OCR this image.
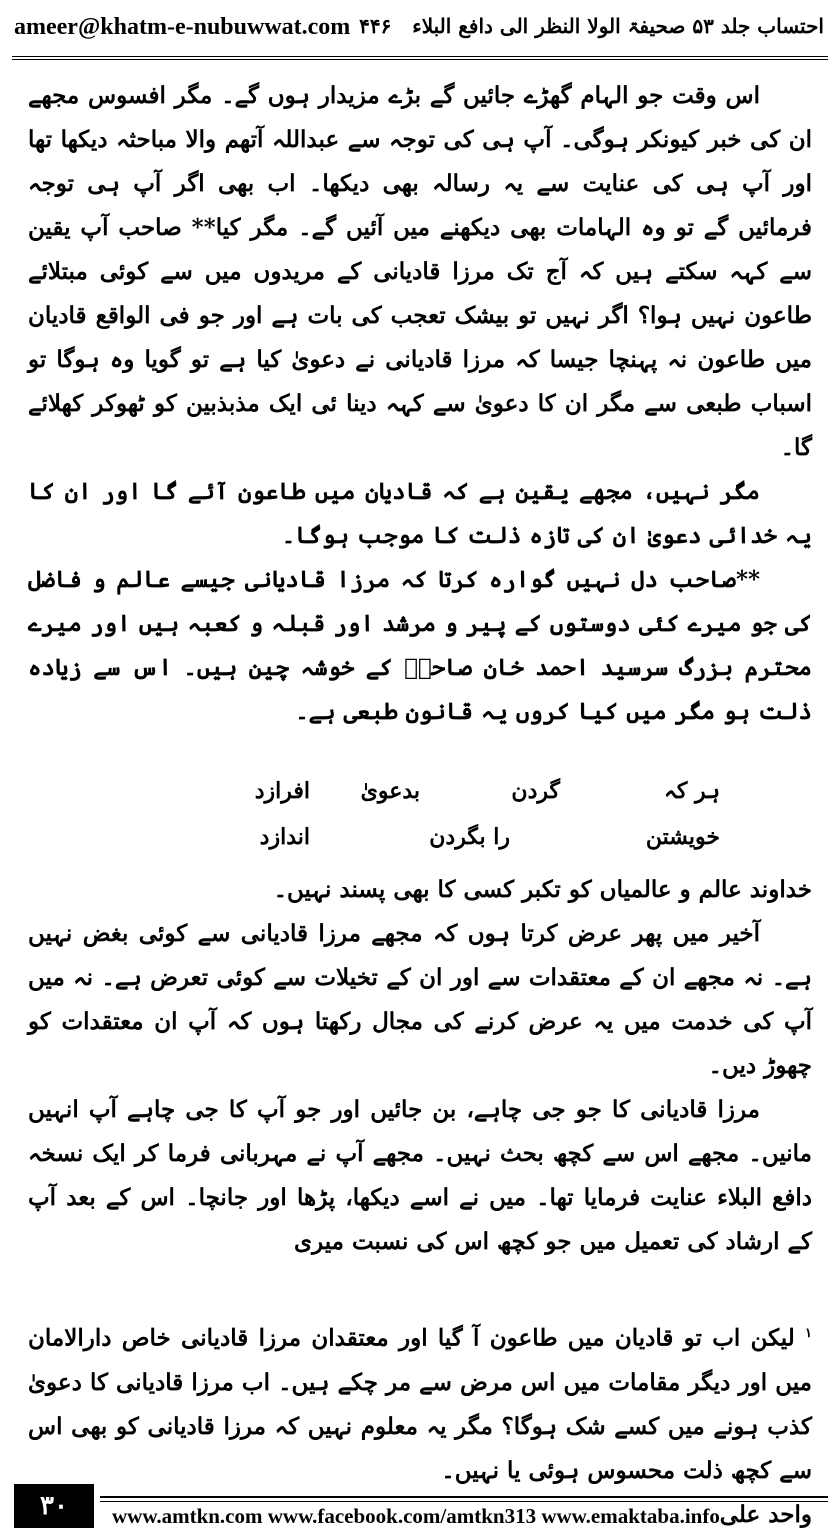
ameer@khatm-e-nubuwwat.com	احتساب جلد ۵۳ صحیفۃ الولا النظر الی دافع البلاء   ۴۴۶

اس وقت جو الہام گھڑے جائیں گے بڑے مزیدار ہوں گے۔ مگر افسوس مجھے ان کی خبر کیونکر ہوگی۔ آپ ہی کی توجہ سے عبداللہ آتھم والا مباحثہ دیکھا تھا اور آپ ہی کی عنایت سے یہ رسالہ بھی دیکھا۔ اب بھی اگر آپ ہی توجہ فرمائیں گے تو وہ الہامات بھی دیکھنے میں آئیں گے۔ مگر کیا** صاحب آپ یقین سے کہہ سکتے ہیں کہ آج تک مرزا قادیانی کے مریدوں میں سے کوئی مبتلائے طاعون نہیں ہوا؟ اگر نہیں تو بیشک تعجب کی بات ہے اور جو فی الواقع قادیان میں طاعون نہ پہنچا جیسا کہ مرزا قادیانی نے دعویٰ کیا ہے تو گویا وہ ہوگا تو اسباب طبعی سے مگر ان کا دعویٰ سے کہہ دینا ئی ایک مذبذبین کو ٹھوکر کھلائے گا۔

مگر نہیں، مجھے یقین ہے کہ قادیان میں طاعون آئے گا اور ان کا یہ خدائی دعویٰ ان کی تازہ ذلت کا موجب ہوگا۔

**صاحب دل نہیں گوارہ کرتا کہ مرزا قادیانی جیسے عالم و فاضل کی جو میرے کئی دوستوں کے پیر و مرشد اور قبلہ و کعبہ ہیں اور میرے محترم بزرگ سرسید احمد خان صاحبؒ کے خوشہ چین ہیں۔ اس سے زیادہ ذلت ہو مگر میں کیا کروں یہ قانون طبعی ہے۔

ہر کہ
گردن
بدعویٰ
افرازد
خویشتن
را بگردن
اندازد

خداوند عالم و عالمیاں کو تکبر کسی کا بھی پسند نہیں۔

آخیر میں پھر عرض کرتا ہوں کہ مجھے مرزا قادیانی سے کوئی بغض نہیں ہے۔ نہ مجھے ان کے معتقدات سے اور ان کے تخیلات سے کوئی تعرض ہے۔ نہ میں آپ کی خدمت میں یہ عرض کرنے کی مجال رکھتا ہوں کہ آپ ان معتقدات کو چھوڑ دیں۔

مرزا قادیانی کا جو جی چاہے، بن جائیں اور جو آپ کا جی چاہے آپ انہیں مانیں۔ مجھے اس سے کچھ بحث نہیں۔ مجھے آپ نے مہربانی فرما کر ایک نسخہ دافع البلاء عنایت فرمایا تھا۔ میں نے اسے دیکھا، پڑھا اور جانچا۔ اس کے بعد آپ کے ارشاد کی تعمیل میں جو کچھ اس کی نسبت میری

$^۱$ لیکن اب تو قادیان میں طاعون آ گیا اور معتقدان مرزا قادیانی خاص دارالامان میں اور دیگر مقامات میں اس مرض سے مر چکے ہیں۔ اب مرزا قادیانی کا دعویٰ کذب ہونے میں کسے شک ہوگا؟ مگر یہ معلوم نہیں کہ مرزا قادیانی کو بھی اس سے کچھ ذلت محسوس ہوئی یا نہیں۔
واحد علی
۳۰	www.amtkn.com www.facebook.com/amtkn313 www.emaktaba.info
